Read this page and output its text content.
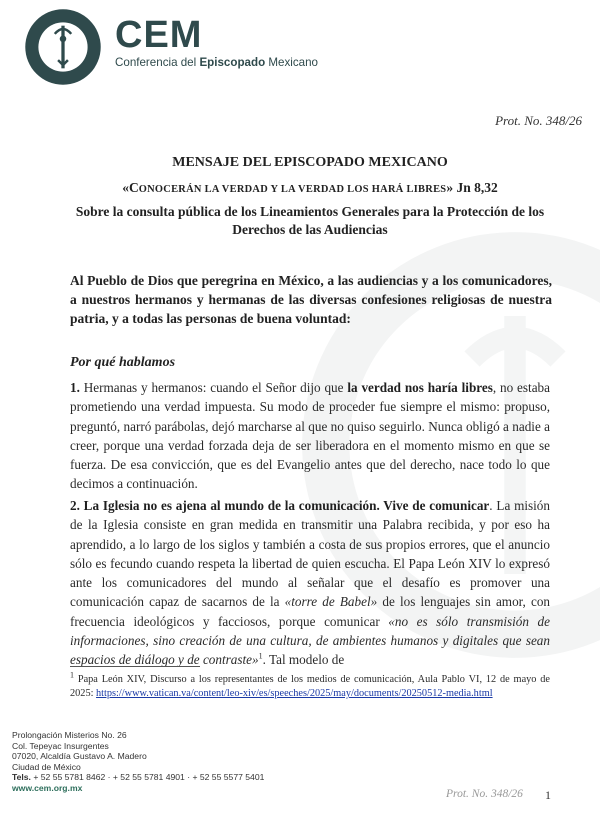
CEM
Conferencia del Episcopado Mexicano
Prot. No. 348/26
MENSAJE DEL EPISCOPADO MEXICANO
«CONOCERÁN LA VERDAD Y LA VERDAD LOS HARÁ LIBRES» Jn 8,32
Sobre la consulta pública de los Lineamientos Generales para la Protección de los Derechos de las Audiencias
Al Pueblo de Dios que peregrina en México, a las audiencias y a los comunicadores, a nuestros hermanos y hermanas de las diversas confesiones religiosas de nuestra patria, y a todas las personas de buena voluntad:
Por qué hablamos
1. Hermanas y hermanos: cuando el Señor dijo que la verdad nos haría libres, no estaba prometiendo una verdad impuesta. Su modo de proceder fue siempre el mismo: propuso, preguntó, narró parábolas, dejó marcharse al que no quiso seguirlo. Nunca obligó a nadie a creer, porque una verdad forzada deja de ser liberadora en el momento mismo en que se fuerza. De esa convicción, que es del Evangelio antes que del derecho, nace todo lo que decimos a continuación.
2. La Iglesia no es ajena al mundo de la comunicación. Vive de comunicar. La misión de la Iglesia consiste en gran medida en transmitir una Palabra recibida, y por eso ha aprendido, a lo largo de los siglos y también a costa de sus propios errores, que el anuncio sólo es fecundo cuando respeta la libertad de quien escucha. El Papa León XIV lo expresó ante los comunicadores del mundo al señalar que el desafío es promover una comunicación capaz de sacarnos de la «torre de Babel» de los lenguajes sin amor, con frecuencia ideológicos y facciosos, porque comunicar «no es sólo transmisión de informaciones, sino creación de una cultura, de ambientes humanos y digitales que sean espacios de diálogo y de contraste»$^1$. Tal modelo de
$^1$ Papa León XIV, Discurso a los representantes de los medios de comunicación, Aula Pablo VI, 12 de mayo de 2025: https://www.vatican.va/content/leo-xiv/es/speeches/2025/may/documents/20250512-media.html
Prolongación Misterios No. 26
Col. Tepeyac Insurgentes
07020, Alcaldía Gustavo A. Madero
Ciudad de México
Tels. + 52 55 5781 8462 · + 52 55 5781 4901 · + 52 55 5577 5401
www.cem.org.mx
Prot. No. 348/26 1
